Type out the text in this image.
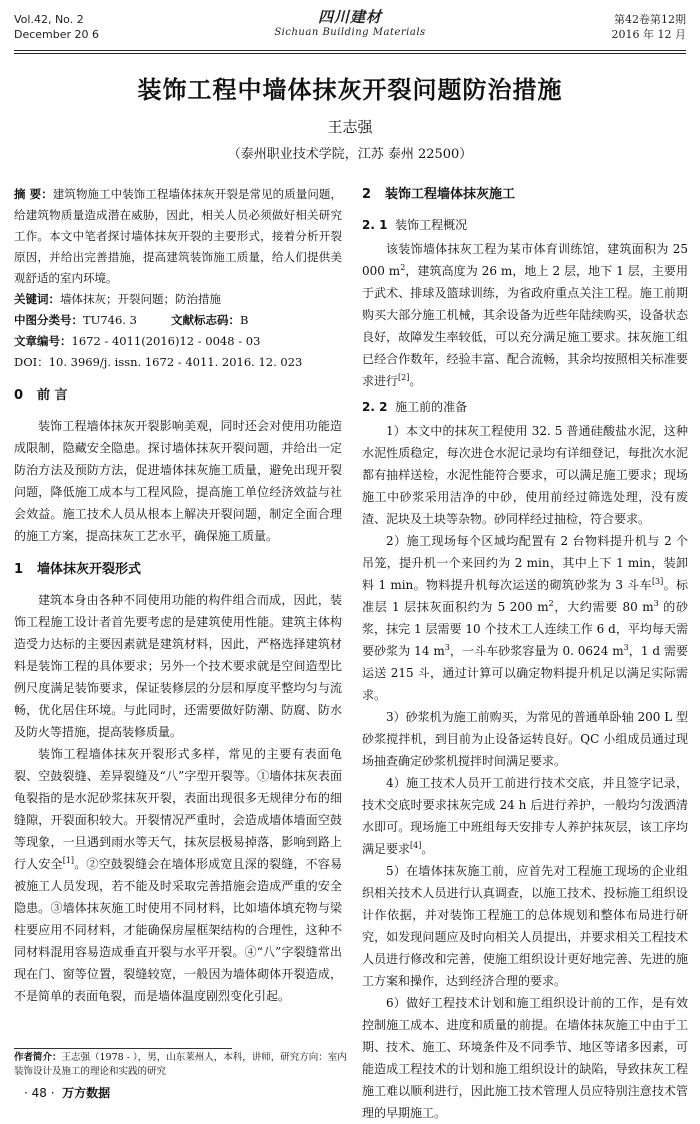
Vol.42, No. 2
December 20 6
四川建材
Sichuan Building Materials
第42卷第12期
2016 年 12 月
装饰工程中墙体抹灰开裂问题防治措施
王志强
（泰州职业技术学院，江苏 泰州 22500）

摘 要：建筑物施工中装饰工程墙体抹灰开裂是常见的质量问题，给建筑物质量造成潜在威胁，因此，相关人员必须做好相关研究工作。本文中笔者探讨墙体抹灰开裂的主要形式，接着分析开裂原因，并给出完善措施，提高建筑装饰施工质量，给人们提供美观舒适的室内环境。

关键词：墙体抹灰；开裂问题；防治措施

中图分类号：TU746. 3	文献标志码：B

文章编号：1672 - 4011(2016)12 - 0048 - 03

DOI：10. 3969/j. issn. 1672 - 4011. 2016. 12. 023

0 前 言

装饰工程墙体抹灰开裂影响美观，同时还会对使用功能造成限制，隐藏安全隐患。探讨墙体抹灰开裂问题，并给出一定防治方法及预防方法，促进墙体抹灰施工质量，避免出现开裂问题，降低施工成本与工程风险，提高施工单位经济效益与社会效益。施工技术人员从根本上解决开裂问题，制定全面合理的施工方案，提高抹灰工艺水平，确保施工质量。

1 墙体抹灰开裂形式

建筑本身由各种不同使用功能的构件组合而成，因此，装饰工程施工设计者首先要考虑的是建筑使用性能。建筑主体构造受力达标的主要因素就是建筑材料，因此，严格选择建筑材料是装饰工程的具体要求；另外一个技术要求就是空间造型比例尺度满足装饰要求，保证装修层的分层和厚度平整均匀与流畅，优化居住环境。与此同时，还需要做好防潮、防腐、防水及防火等措施，提高装修质量。

装饰工程墙体抹灰开裂形式多样，常见的主要有表面龟裂、空鼓裂缝、差异裂缝及“八”字型开裂等。①墙体抹灰表面龟裂指的是水泥砂浆抹灰开裂，表面出现很多无规律分布的细缝隙，开裂面积较大。开裂情况严重时，会造成墙体墙面空鼓等现象，一旦遇到雨水等天气，抹灰层极易掉落，影响到路上行人安全[1]。②空鼓裂缝会在墙体形成宽且深的裂缝，不容易被施工人员发现，若不能及时采取完善措施会造成严重的安全隐患。③墙体抹灰施工时使用不同材料，比如墙体填充物与梁柱要应用不同材料，才能确保房屋框架结构的合理性，这种不同材料混用容易造成垂直开裂与水平开裂。④“八”字裂缝常出现在门、窗等位置，裂缝较宽，一般因为墙体砌体开裂造成，不是简单的表面龟裂，而是墙体温度剧烈变化引起。

2 装饰工程墙体抹灰施工
2. 1 装饰工程概况

该装饰墙体抹灰工程为某市体育训练馆，建筑面积为 25 000 $m^2$，建筑高度为 26 m，地上 2 层，地下 1 层，主要用于武术、排球及篮球训练，为省政府重点关注工程。施工前期购买大部分施工机械，其余设备为近些年陆续购买，设备状态良好，故障发生率较低，可以充分满足施工要求。抹灰施工组已经合作数年，经验丰富、配合流畅，其余均按照相关标准要求进行[2]。

2. 2 施工前的准备

1）本文中的抹灰工程使用 32. 5 普通硅酸盐水泥，这种水泥性质稳定，每次进仓水泥记录均有详细登记，每批次水泥都有抽样送检，水泥性能符合要求，可以满足施工要求；现场施工中砂浆采用洁净的中砂，使用前经过筛选处理，没有废渣、泥块及土块等杂物。砂同样经过抽检，符合要求。

2）施工现场每个区域均配置有 2 台物料提升机与 2 个吊笼，提升机一个来回约为 2 min，其中上下 1 min，装卸料 1 min。物料提升机每次运送的砌筑砂浆为 3 斗车[3]。标准层 1 层抹灰面积约为 5 200 $m^2$，大约需要 80 $m^3$ 的砂浆，抹完 1 层需要 10 个技术工人连续工作 6 d，平均每天需要砂浆为 14 $m^3$，一斗车砂浆容量为 0. 0624 $m^3$，1 d 需要运送 215 斗，通过计算可以确定物料提升机足以满足实际需求。

3）砂浆机为施工前购买，为常见的普通单卧轴 200 L 型砂浆搅拌机，到目前为止设备运转良好。QC 小组成员通过现场抽查确定砂浆机搅拌时间满足要求。

4）施工技术人员开工前进行技术交底，并且签字记录，技术交底时要求抹灰完成 24 h 后进行养护，一般均匀泼洒清水即可。现场施工中班组每天安排专人养护抹灰层，该工序均满足要求[4]。

5）在墙体抹灰施工前，应首先对工程施工现场的企业组织相关技术人员进行认真调查，以施工技术、投标施工组织设计作依据，并对装饰工程施工的总体规划和整体布局进行研究，如发现问题应及时向相关人员提出，并要求相关工程技术人员进行修改和完善，使施工组织设计更好地完善、先进的施工方案和操作，达到经济合理的要求。

6）做好工程技术计划和施工组织设计前的工作，是有效控制施工成本、进度和质量的前提。在墙体抹灰施工中由于工期、技术、施工、环境条件及不同季节、地区等诸多因素，可能造成工程技术的计划和施工组织设计的缺陷，导致抹灰工程施工难以顺利进行，因此施工技术管理人员应特别注意技术管理的早期施工。

作者简介：王志强（1978 - ），男，山东莱州人，本科，讲师，研究方向：室内装饰设计及施工的理论和实践的研究
· 48 · 万方数据
